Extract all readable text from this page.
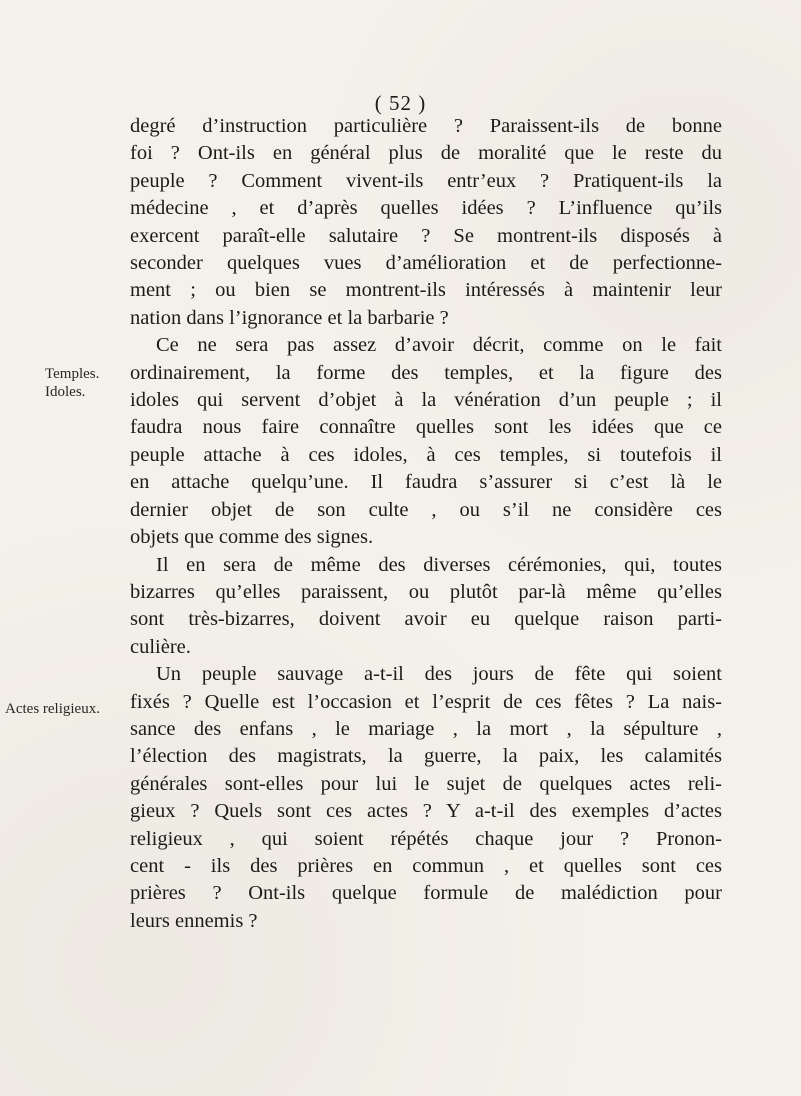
( 52 )
Temples.
Idoles.
Actes religieux.

degré d’instruction particulière ? Paraissent-ils de bonne
foi ? Ont-ils en général plus de moralité que le reste du
peuple ? Comment vivent-ils entr’eux ? Pratiquent-ils la
médecine , et d’après quelles idées ? L’influence qu’ils
exercent paraît-elle salutaire ? Se montrent-ils disposés à
seconder quelques vues d’amélioration et de perfectionne-
ment ; ou bien se montrent-ils intéressés à maintenir leur
nation dans l’ignorance et la barbarie ?

Ce ne sera pas assez d’avoir décrit, comme on le fait
ordinairement, la forme des temples, et la figure des
idoles qui servent d’objet à la vénération d’un peuple ; il
faudra nous faire connaître quelles sont les idées que ce
peuple attache à ces idoles, à ces temples, si toutefois il
en attache quelqu’une. Il faudra s’assurer si c’est là le
dernier objet de son culte , ou s’il ne considère ces
objets que comme des signes.

Il en sera de même des diverses cérémonies, qui, toutes
bizarres qu’elles paraissent, ou plutôt par-là même qu’elles
sont très-bizarres, doivent avoir eu quelque raison parti-
culière.

Un peuple sauvage a-t-il des jours de fête qui soient
fixés ? Quelle est l’occasion et l’esprit de ces fêtes ? La nais-
sance des enfans , le mariage , la mort , la sépulture ,
l’élection des magistrats, la guerre, la paix, les calamités
générales sont-elles pour lui le sujet de quelques actes reli-
gieux ? Quels sont ces actes ? Y a-t-il des exemples d’actes
religieux , qui soient répétés chaque jour ? Pronon-
cent - ils des prières en commun , et quelles sont ces
prières ? Ont-ils quelque formule de malédiction pour
leurs ennemis ?
